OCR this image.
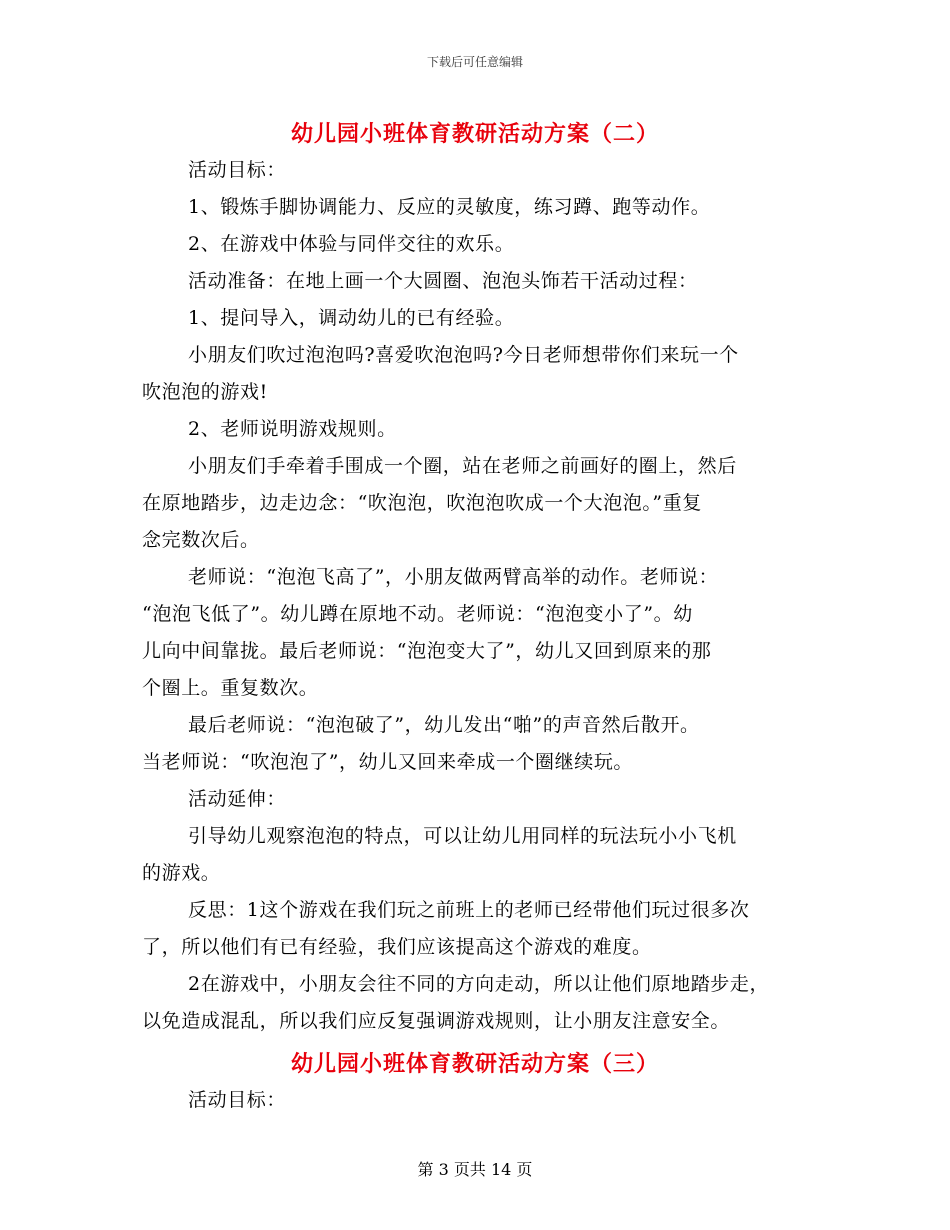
下载后可任意编辑
幼儿园小班体育教研活动方案（二）
活动目标：
1、锻炼手脚协调能力、反应的灵敏度，练习蹲、跑等动作。
2、在游戏中体验与同伴交往的欢乐。
活动准备：在地上画一个大圆圈、泡泡头饰若干活动过程：
1、提问导入，调动幼儿的已有经验。
小朋友们吹过泡泡吗?喜爱吹泡泡吗?今日老师想带你们来玩一个
吹泡泡的游戏!
2、老师说明游戏规则。
小朋友们手牵着手围成一个圈，站在老师之前画好的圈上，然后
在原地踏步，边走边念：“吹泡泡，吹泡泡吹成一个大泡泡。”重复
念完数次后。
老师说：“泡泡飞高了”，小朋友做两臂高举的动作。老师说：
“泡泡飞低了”。幼儿蹲在原地不动。老师说：“泡泡变小了”。幼
儿向中间靠拢。最后老师说：“泡泡变大了”，幼儿又回到原来的那
个圈上。重复数次。
最后老师说：“泡泡破了”，幼儿发出“啪”的声音然后散开。
当老师说：“吹泡泡了”，幼儿又回来牵成一个圈继续玩。
活动延伸：
引导幼儿观察泡泡的特点，可以让幼儿用同样的玩法玩小小飞机
的游戏。
反思：1这个游戏在我们玩之前班上的老师已经带他们玩过很多次
了，所以他们有已有经验，我们应该提高这个游戏的难度。
2在游戏中，小朋友会往不同的方向走动，所以让他们原地踏步走，
以免造成混乱，所以我们应反复强调游戏规则，让小朋友注意安全。
幼儿园小班体育教研活动方案（三）
活动目标：
第 3 页共 14 页
